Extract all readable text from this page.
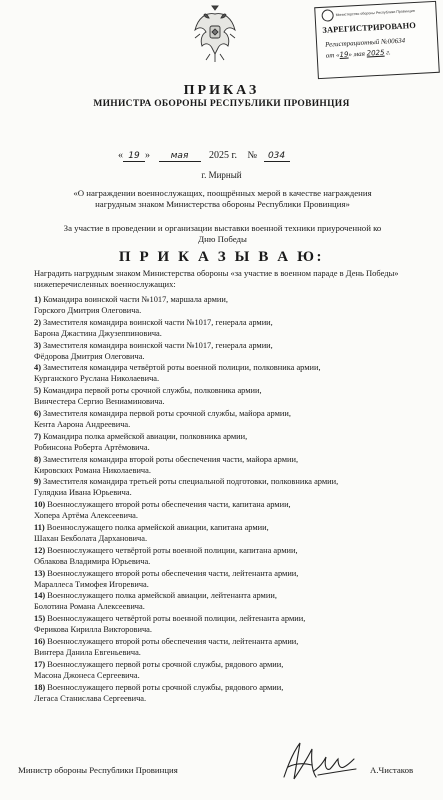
Министерство обороны Республики Провинция
ЗАРЕГИСТРИРОВАНО
Регистрационный №00634
от «19» мая 2025 г.
ПРИКАЗ
МИНИСТРА ОБОРОНЫ РЕСПУБЛИКИ ПРОВИНЦИЯ
« 19 » мая 2025 г. № 034
г. Мирный
«О награждении военнослужащих, поощрённых мерой в качестве награждения нагрудным знаком Министерства обороны Республики Провинция»
За участие в проведении и организации выставки военной техники приуроченной ко Дню Победы
П Р И К А З Ы В А Ю:
Наградить нагрудным знаком Министерства обороны «за участие в военном параде в День Победы» нижеперечисленных военнослужащих:
1) Командира воинской части №1017, маршала армии,
Горского Дмитрия Олеговича.
2) Заместителя командира воинской части №1017, генерала армии,
Барона Джастина Джузеппиновича.
3) Заместителя командира воинской части №1017, генерала армии,
Фёдорова Дмитрия Олеговича.
4) Заместителя командира четвёртой роты военной полиции, полковника армии,
Курганского Руслана Николаевича.
5) Командира первой роты срочной службы, полковника армии,
Винчестера Сергио Вениаминовича.
6) Заместителя командира первой роты срочной службы, майора армии,
Кента Аарона Андреевича.
7) Командира полка армейской авиации, полковника армии,
Робинсона Роберта Артёмовича.
8) Заместителя командира второй роты обеспечения части, майора армии,
Кировских Романа Николаевича.
9) Заместителя командира третьей роты специальной подготовки, полковника армии,
Гулядкиа Ивана Юрьевича.
10) Военнослужащего второй роты обеспечения части, капитана армии,
Хопера Артёма Алексеевича.
11) Военнослужащего полка армейской авиации, капитана армии,
Шахан Бекболата Дархановича.
12) Военнослужащего четвёртой роты военной полиции, капитана армии,
Облакова Владимира Юрьевича.
13) Военнослужащего второй роты обеспечения части, лейтенанта армии,
Мараллеса Тимофея Игоревича.
14) Военнослужащего полка армейской авиации, лейтенанта армии,
Болотина Романа Алексеевича.
15) Военнослужащего четвёртой роты военной полиции, лейтенанта армии,
Ферикова Кирилла Викторовича.
16) Военнослужащего второй роты обеспечения части, лейтенанта армии,
Винтера Данила Евгеньевича.
17) Военнослужащего первой роты срочной службы, рядового армии,
Масона Джонеса Сергеевича.
18) Военнослужащего первой роты срочной службы, рядового армии,
Легаса Станислава Сергеевича.
Министр обороны Республики Провинция	А.Чистаков
